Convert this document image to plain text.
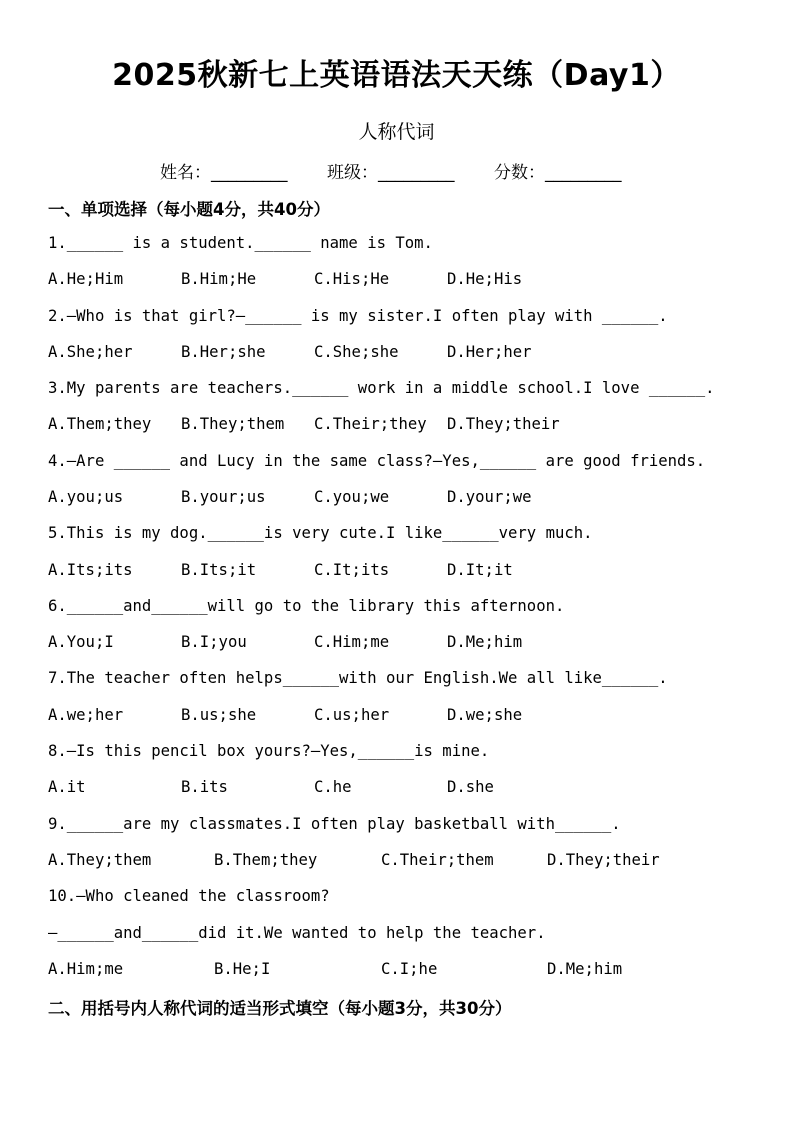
2025秋新七上英语语法天天练（Day1）
人称代词
姓名：_________ 班级：_________ 分数：_________
一、单项选择（每小题4分，共40分）
1.______ is a student.______ name is Tom.
A.He;Him	B.Him;He	C.His;He	D.He;His
2.—Who is that girl?—______ is my sister.I often play with ______.
A.She;her	B.Her;she	C.She;she	D.Her;her
3.My parents are teachers.______ work in a middle school.I love ______.
A.Them;they B.They;them C.Their;they D.They;their
4.—Are ______ and Lucy in the same class?—Yes,______ are good friends.
A.you;us	B.your;us	C.you;we	D.your;we
5.This is my dog.______is very cute.I like______very much.
A.Its;its	B.Its;it	C.It;its	D.It;it
6.______and______will go to the library this afternoon.
A.You;I	B.I;you	C.Him;me	D.Me;him
7.The teacher often helps______with our English.We all like______.
A.we;her	B.us;she	C.us;her	D.we;she
8.—Is this pencil box yours?—Yes,______is mine.
A.it	B.its	C.he	D.she
9.______are my classmates.I often play basketball with______.
A.They;them	B.Them;they	C.Their;them	D.They;their
10.—Who cleaned the classroom?
—______and______did it.We wanted to help the teacher.
A.Him;me	B.He;I	C.I;he	D.Me;him
二、用括号内人称代词的适当形式填空（每小题3分，共30分）
